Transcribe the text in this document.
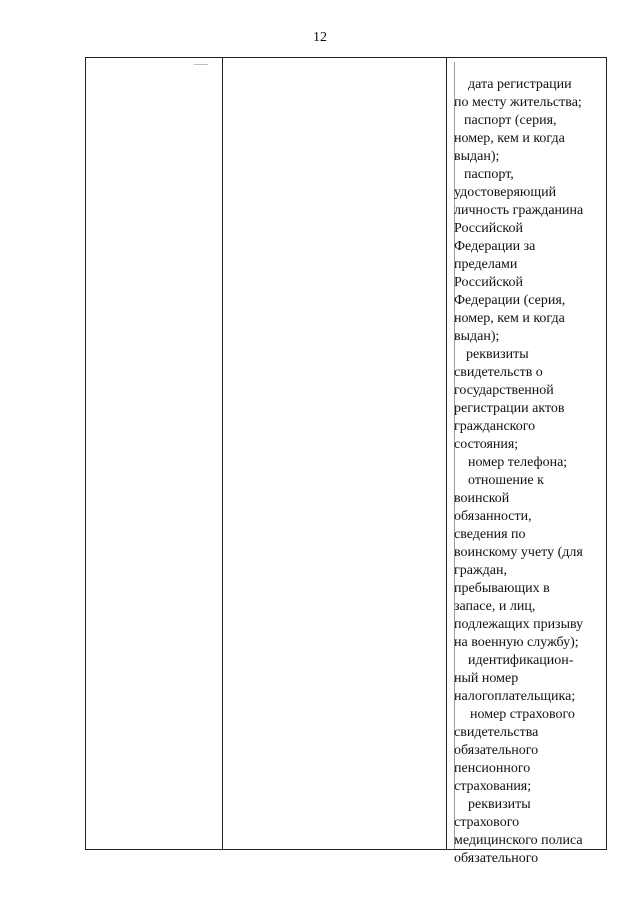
12
дата регистрации
по месту жительства;
паспорт (серия,
номер, кем и когда
выдан);
паспорт,
удостоверяющий
личность гражданина
Российской
Федерации за
пределами
Российской
Федерации (серия,
номер, кем и когда
выдан);
реквизиты
свидетельств о
государственной
регистрации актов
гражданского
состояния;
номер телефона;
отношение к
воинской
обязанности,
сведения по
воинскому учету (для
граждан,
пребывающих в
запасе, и лиц,
подлежащих призыву
на военную службу);
идентификацион-
ный номер
налогоплательщика;
номер страхового
свидетельства
обязательного
пенсионного
страхования;
реквизиты
страхового
медицинского полиса
обязательного
